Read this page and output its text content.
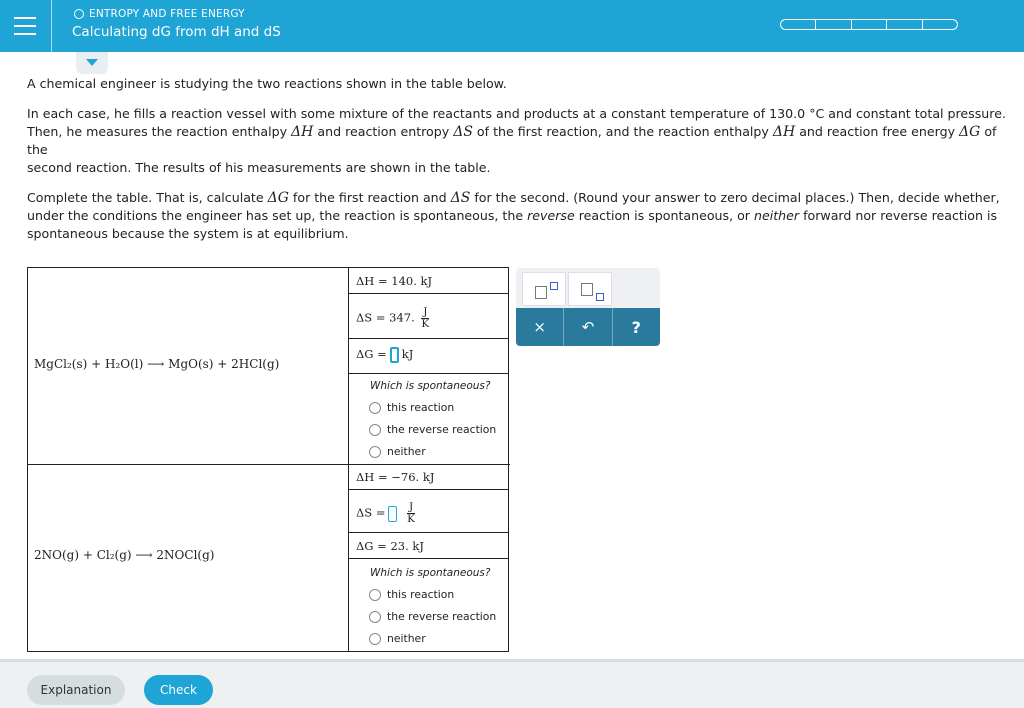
ENTROPY AND FREE ENERGY
Calculating dG from dH and dS

A chemical engineer is studying the two reactions shown in the table below.

In each case, he fills a reaction vessel with some mixture of the reactants and products at a constant temperature of 130.0 °C and constant total pressure.
Then, he measures the reaction enthalpy ΔH and reaction entropy ΔS of the first reaction, and the reaction enthalpy ΔH and reaction free energy ΔG of the
second reaction. The results of his measurements are shown in the table.

Complete the table. That is, calculate ΔG for the first reaction and ΔS for the second. (Round your answer to zero decimal places.) Then, decide whether,
under the conditions the engineer has set up, the reaction is spontaneous, the reverse reaction is spontaneous, or neither forward nor reverse reaction is
spontaneous because the system is at equilibrium.

MgCl₂(s) + H₂O(l) ⟶ MgO(s) + 2HCl(g)
ΔH = 140. kJ
ΔS = 347. $\frac{J}{K}$
ΔG = kJ
Which is spontaneous?
this reaction
the reverse reaction
neither
2NO(g) + Cl₂(g) ⟶ 2NOCl(g)
ΔH = −76. kJ
$\Delta S = \frac{J}{K}$
ΔG = 23. kJ
Which is spontaneous?
this reaction
the reverse reaction
neither
×	↶	?
Explanation	Check
